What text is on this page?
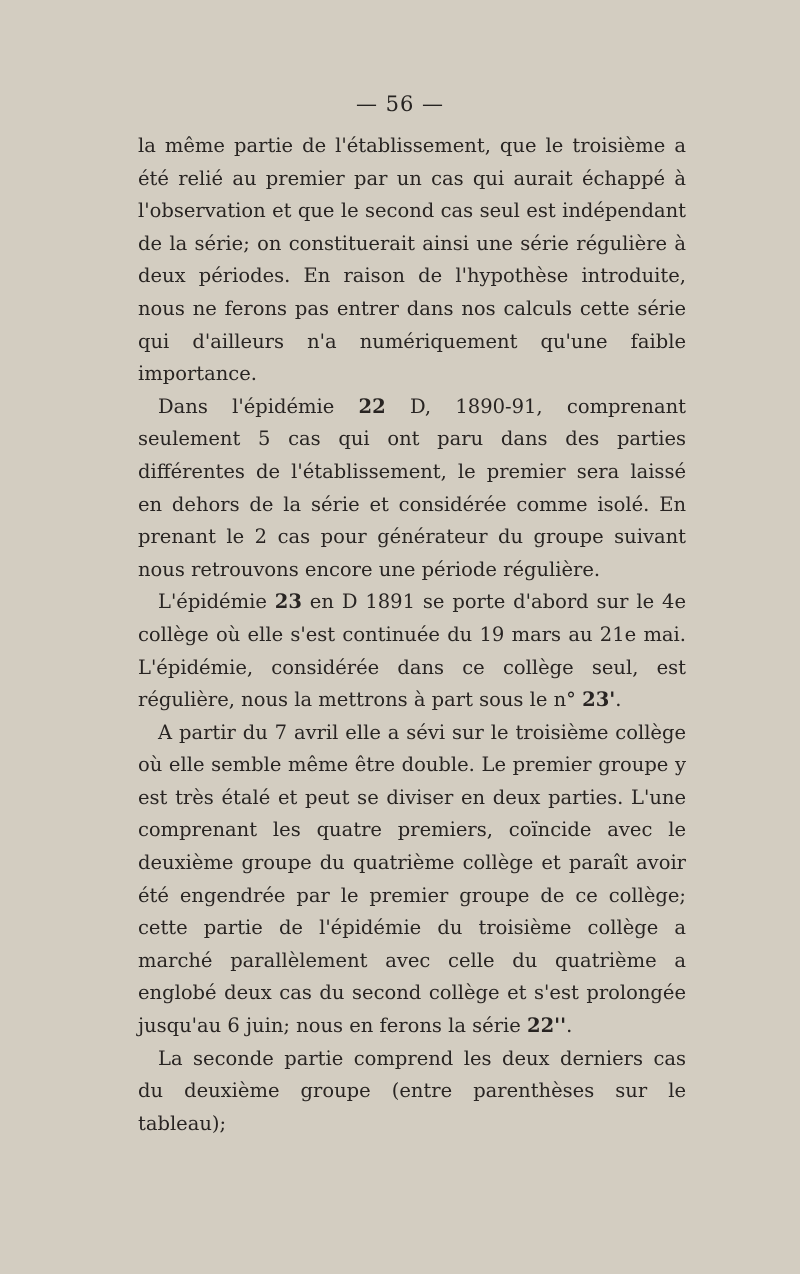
— 56 —

la même partie de l'établissement, que le troisième a été relié au premier par un cas qui aurait échappé à l'observation et que le second cas seul est indépendant de la série; on constituerait ainsi une série régulière à deux périodes. En raison de l'hypothèse introduite, nous ne ferons pas entrer dans nos calculs cette série qui d'ailleurs n'a numériquement qu'une faible importance.

Dans l'épidémie 22 D, 1890-91, comprenant seulement 5 cas qui ont paru dans des parties différentes de l'établissement, le premier sera laissé en dehors de la série et considérée comme isolé. En prenant le 2 cas pour générateur du groupe suivant nous retrouvons encore une période régulière.

L'épidémie 23 en D 1891 se porte d'abord sur le 4e collège où elle s'est continuée du 19 mars au 21e mai. L'épidémie, considérée dans ce collège seul, est régulière, nous la mettrons à part sous le n° 23'.

A partir du 7 avril elle a sévi sur le troisième collège où elle semble même être double. Le premier groupe y est très étalé et peut se diviser en deux parties. L'une comprenant les quatre premiers, coïncide avec le deuxième groupe du quatrième collège et paraît avoir été engendrée par le premier groupe de ce collège; cette partie de l'épidémie du troisième collège a marché parallèlement avec celle du quatrième a englobé deux cas du second collège et s'est prolongée jusqu'au 6 juin; nous en ferons la série 22''.

La seconde partie comprend les deux derniers cas du deuxième groupe (entre parenthèses sur le tableau);
